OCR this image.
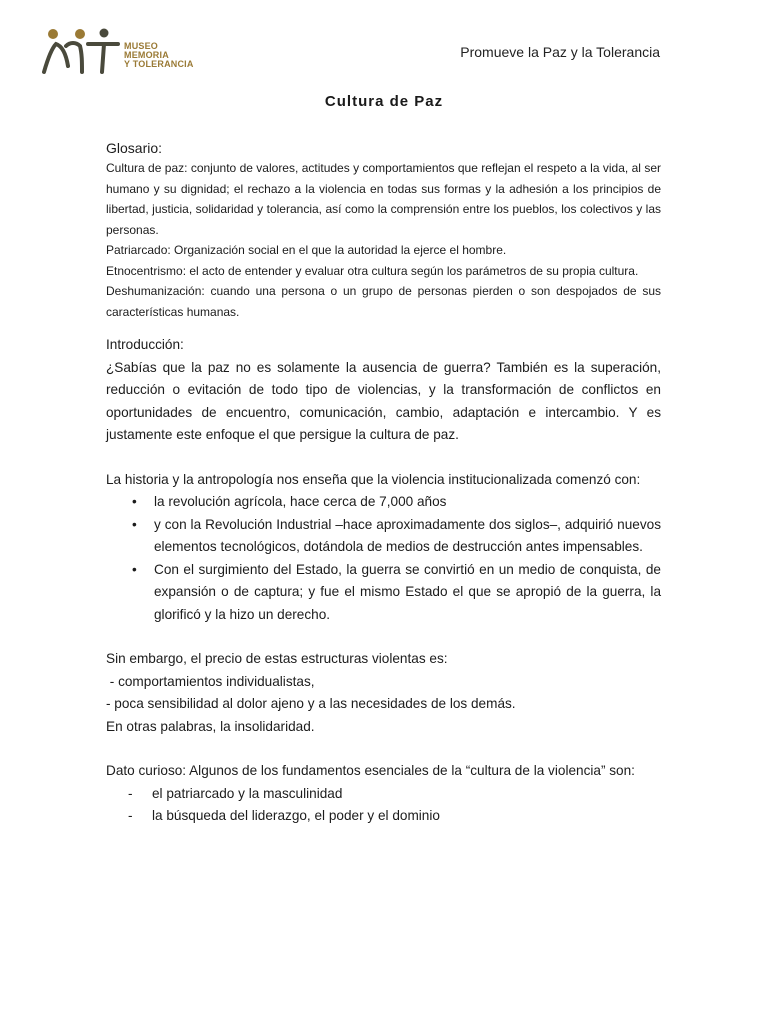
MUSEO
MEMORIA
Y TOLERANCIA
Promueve la Paz y la Tolerancia
Cultura de Paz

Glosario:

Cultura de paz: conjunto de valores, actitudes y comportamientos que reflejan el respeto a la vida, al ser humano y su dignidad; el rechazo a la violencia en todas sus formas y la adhesión a los principios de libertad, justicia, solidaridad y tolerancia, así como la comprensión entre los pueblos, los colectivos y las personas.

Patriarcado: Organización social en el que la autoridad la ejerce el hombre.

Etnocentrismo: el acto de entender y evaluar otra cultura según los parámetros de su propia cultura.

Deshumanización: cuando una persona o un grupo de personas pierden o son despojados de sus características humanas.

Introducción:

¿Sabías que la paz no es solamente la ausencia de guerra? También es la superación, reducción o evitación de todo tipo de violencias, y la transformación de conflictos en oportunidades de encuentro, comunicación, cambio, adaptación e intercambio. Y es justamente este enfoque el que persigue la cultura de paz.

La historia y la antropología nos enseña que la violencia institucionalizada comenzó con:

• la revolución agrícola, hace cerca de 7,000 años
• y con la Revolución Industrial –hace aproximadamente dos siglos–, adquirió nuevos elementos tecnológicos, dotándola de medios de destrucción antes impensables.
• Con el surgimiento del Estado, la guerra se convirtió en un medio de conquista, de expansión o de captura; y fue el mismo Estado el que se apropió de la guerra, la glorificó y la hizo un derecho.

Sin embargo, el precio de estas estructuras violentas es:

- comportamientos individualistas,

- poca sensibilidad al dolor ajeno y a las necesidades de los demás.

En otras palabras, la insolidaridad.

Dato curioso: Algunos de los fundamentos esenciales de la “cultura de la violencia” son:

- el patriarcado y la masculinidad
- la búsqueda del liderazgo, el poder y el dominio
